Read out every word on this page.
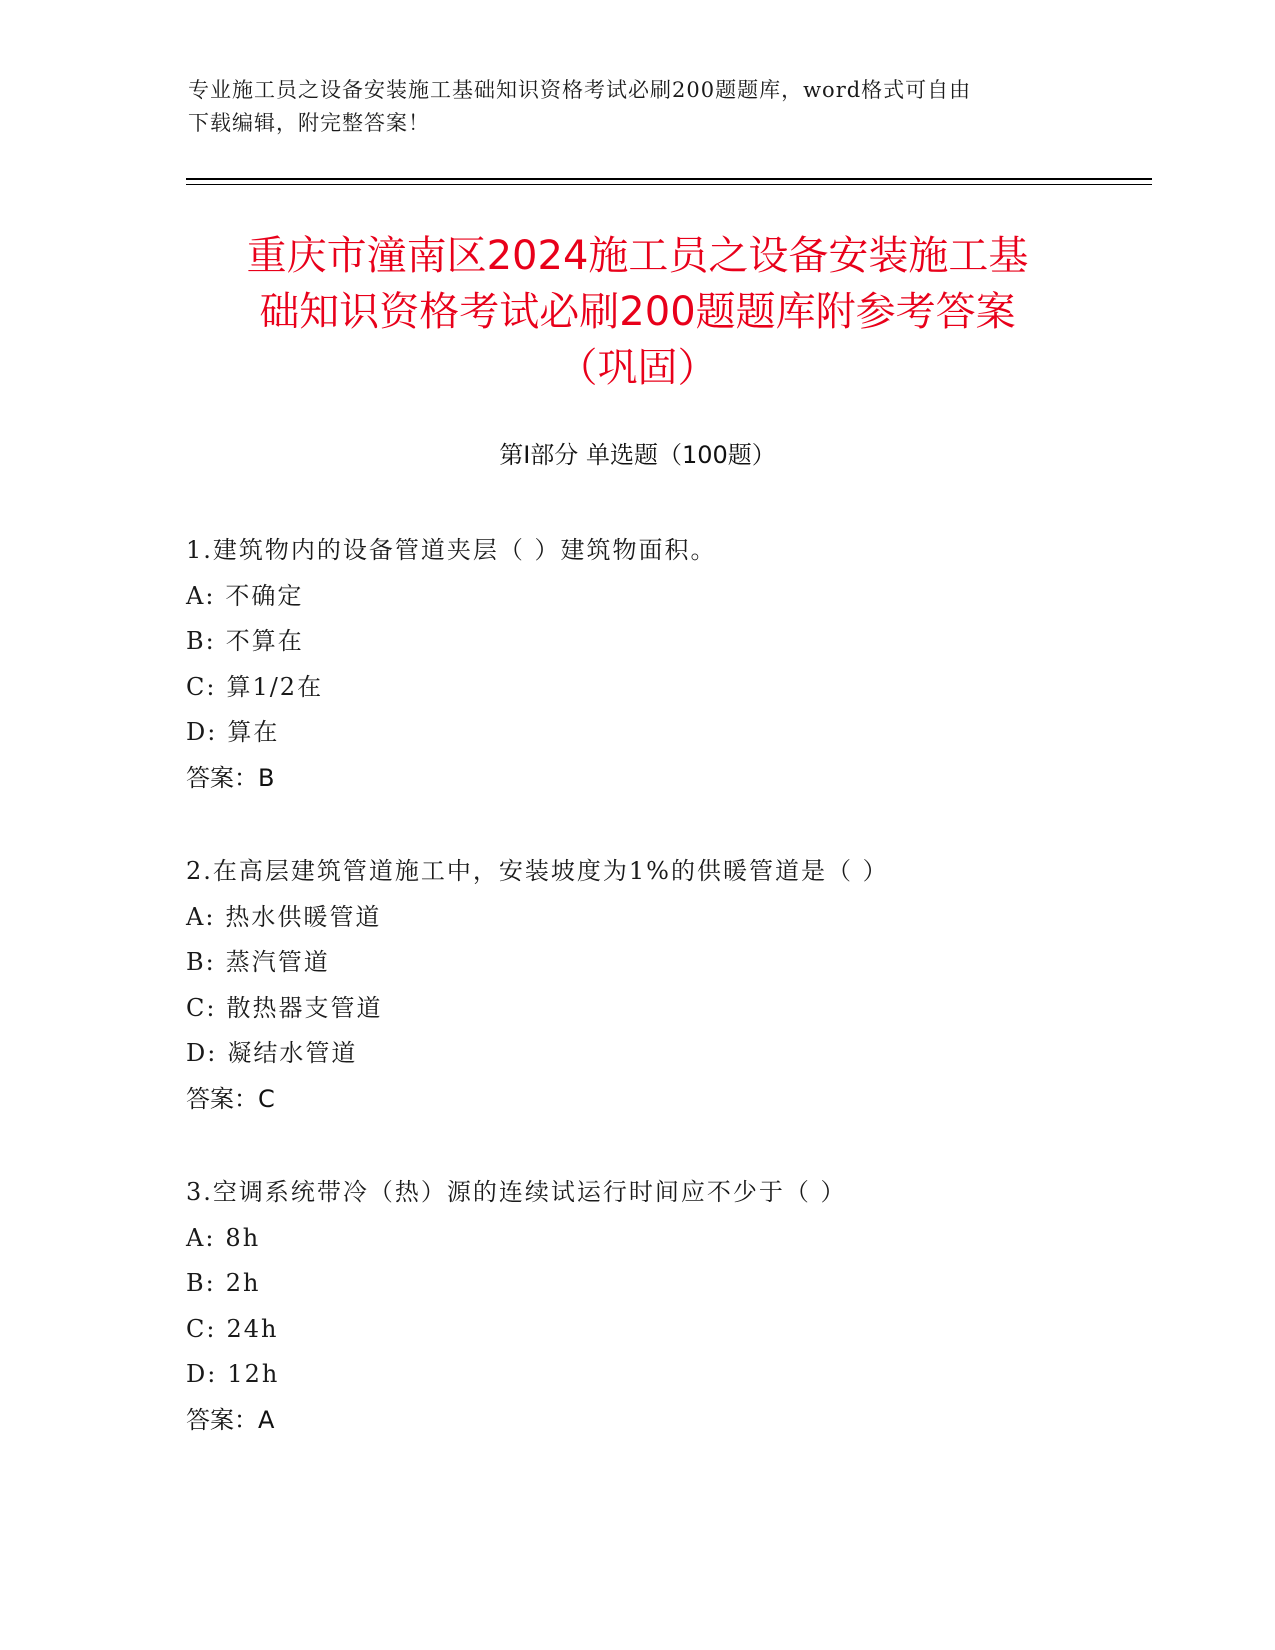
专业施工员之设备安装施工基础知识资格考试必刷200题题库，word格式可自由
下载编辑，附完整答案！
重庆市潼南区2024施工员之设备安装施工基
础知识资格考试必刷200题题库附参考答案
（巩固）
第Ⅰ部分 单选题（100题）
1.建筑物内的设备管道夹层（ ）建筑物面积。
A: 不确定
B: 不算在
C: 算1/2在
D: 算在
答案：B
2.在高层建筑管道施工中，安装坡度为1%的供暖管道是（ ）
A: 热水供暖管道
B: 蒸汽管道
C: 散热器支管道
D: 凝结水管道
答案：C
3.空调系统带冷（热）源的连续试运行时间应不少于（ ）
A: 8h
B: 2h
C: 24h
D: 12h
答案：A
